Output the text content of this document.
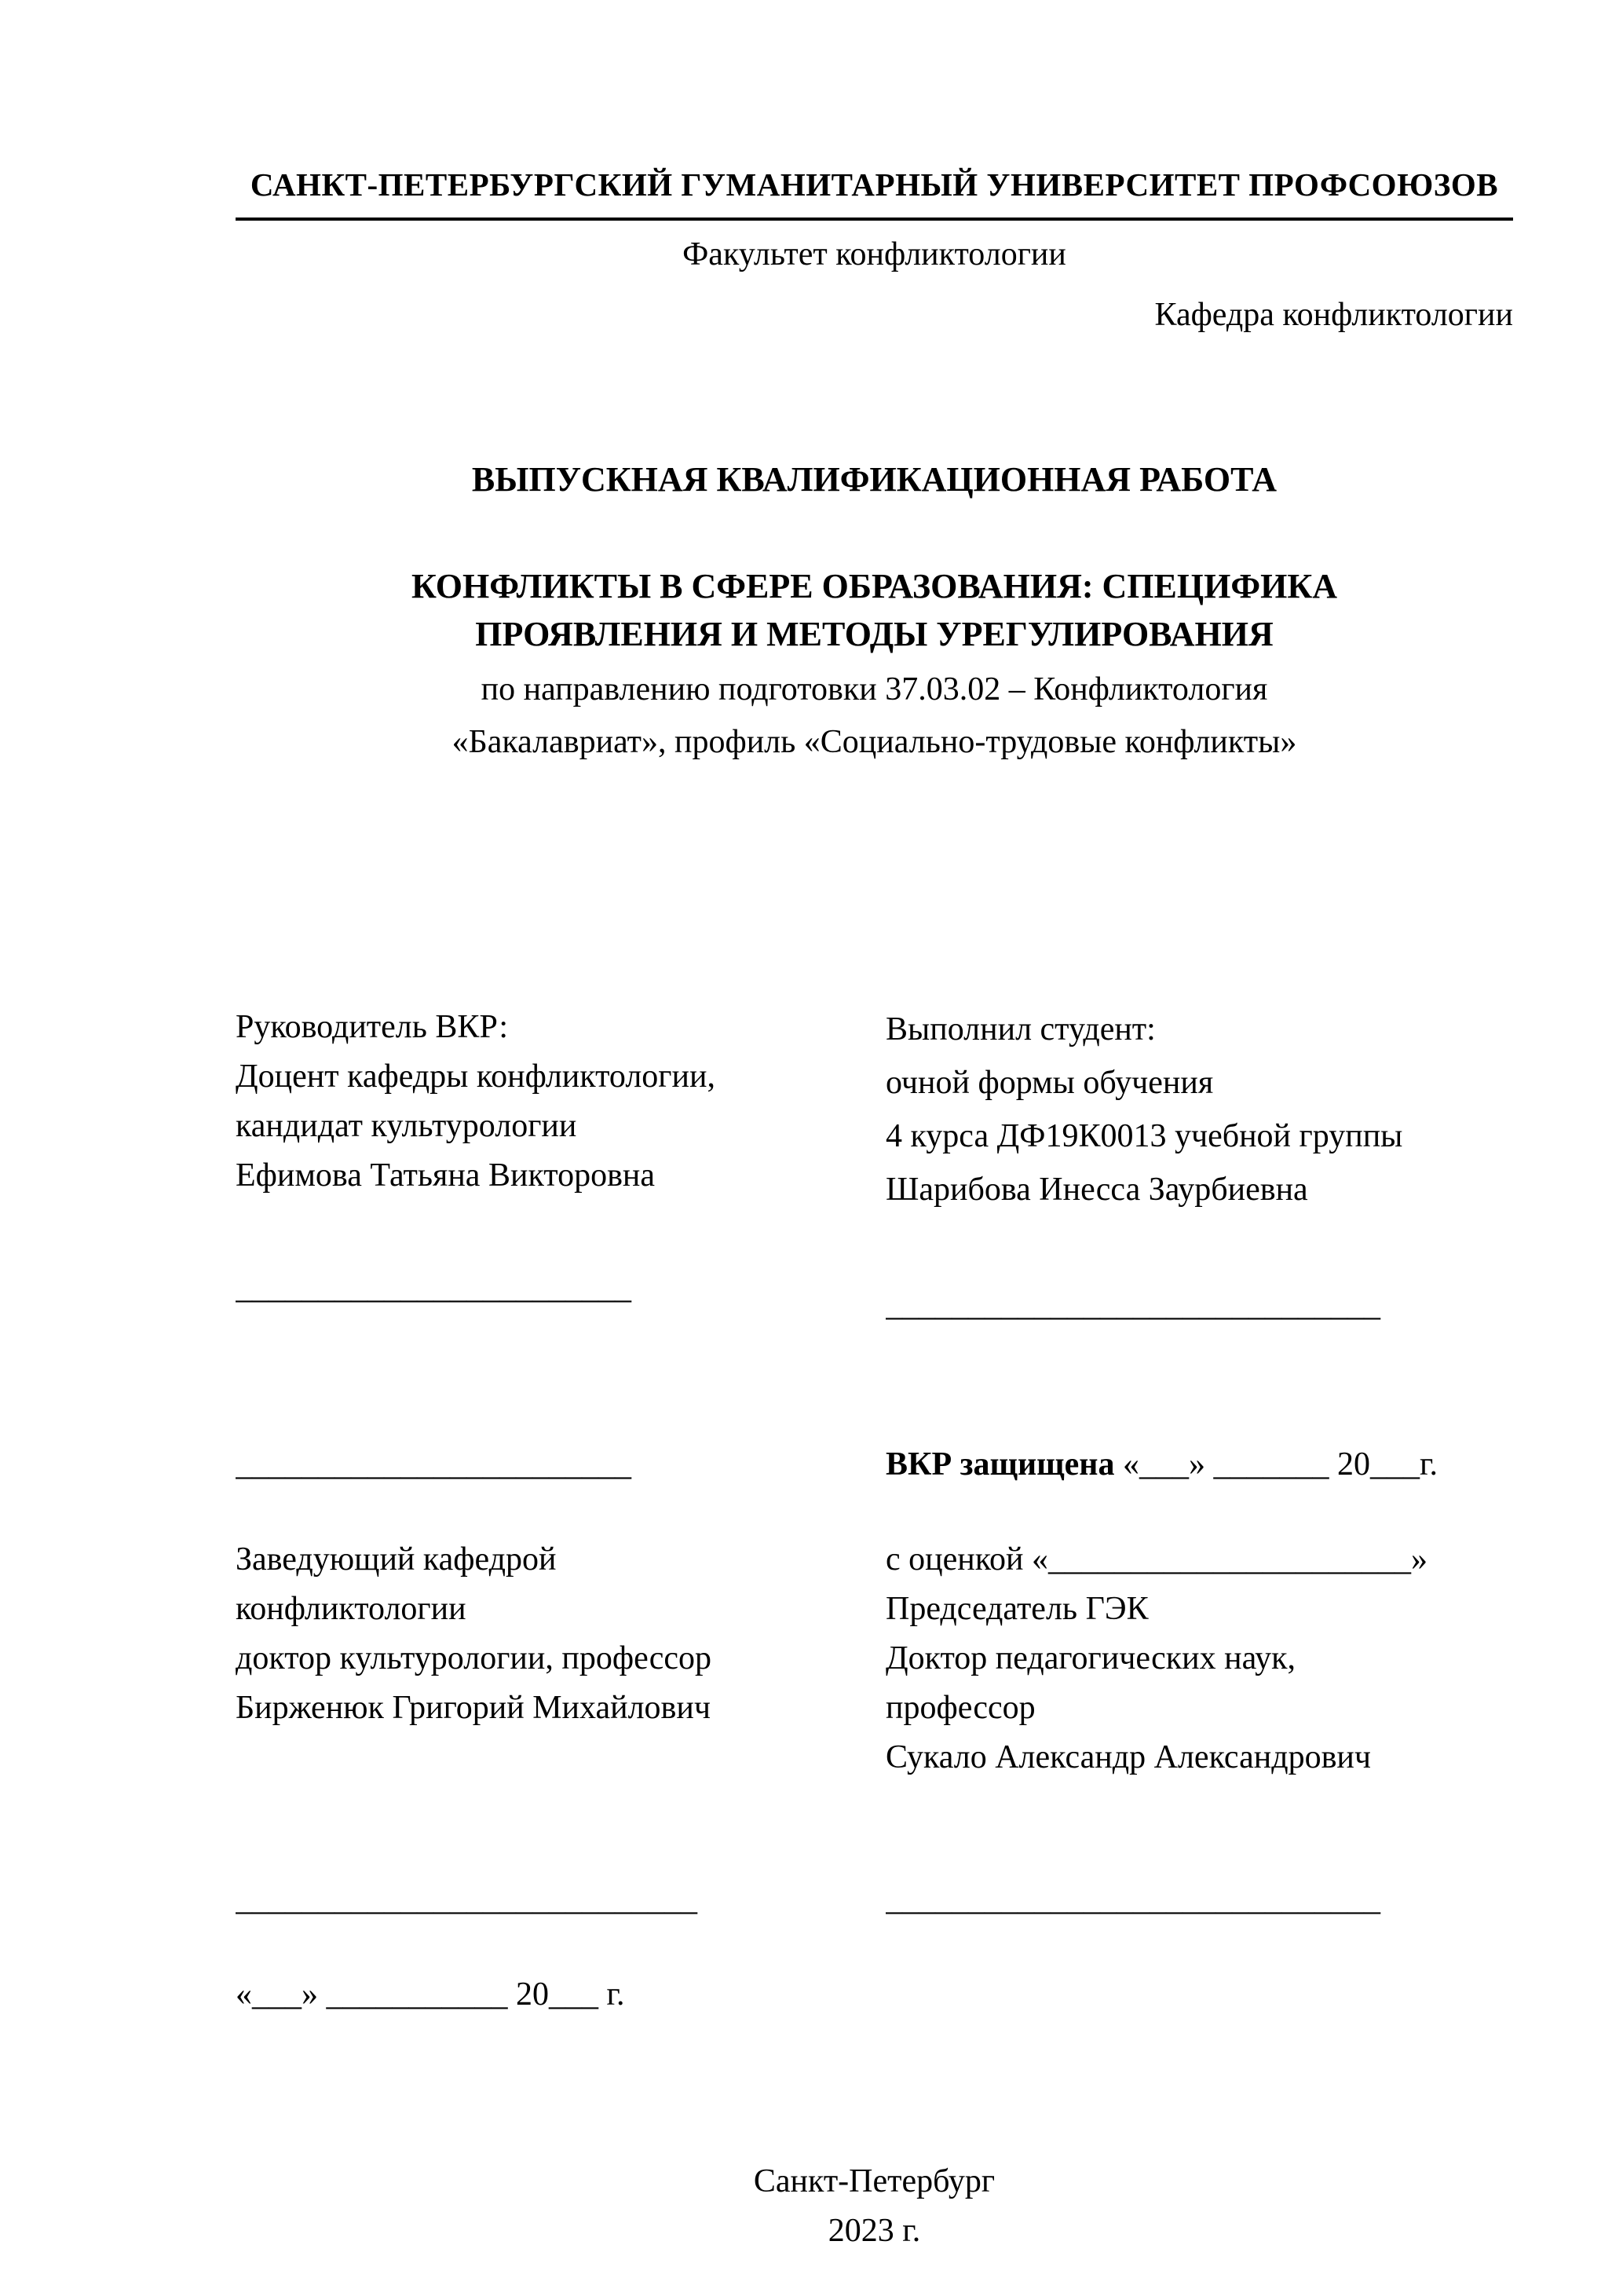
САНКТ-ПЕТЕРБУРГСКИЙ ГУМАНИТАРНЫЙ УНИВЕРСИТЕТ ПРОФСОЮЗОВ
Факультет конфликтологии
Кафедра конфликтологии
ВЫПУСКНАЯ КВАЛИФИКАЦИОННАЯ РАБОТА
КОНФЛИКТЫ В СФЕРЕ ОБРАЗОВАНИЯ: СПЕЦИФИКА
ПРОЯВЛЕНИЯ И МЕТОДЫ УРЕГУЛИРОВАНИЯ
по направлению подготовки 37.03.02 – Конфликтология
«Бакалавриат», профиль «Социально-трудовые конфликты»
Руководитель ВКР:
Доцент кафедры конфликтологии,
кандидат культурологии
Ефимова Татьяна Викторовна
Выполнил студент:
очной формы обучения
4 курса ДФ19К0013 учебной группы
Шарибова Инесса Заурбиевна
________________________	______________________________
________________________	ВКР защищена «___» _______ 20___г.
Заведующий кафедрой
конфликтологии
доктор культурологии, профессор
Бирженюк Григорий Михайлович
с оценкой «______________________»
Председатель ГЭК
Доктор педагогических наук,
профессор
Сукало Александр Александрович
____________________________	______________________________
«___» ___________ 20___ г.
Санкт-Петербург
2023 г.
